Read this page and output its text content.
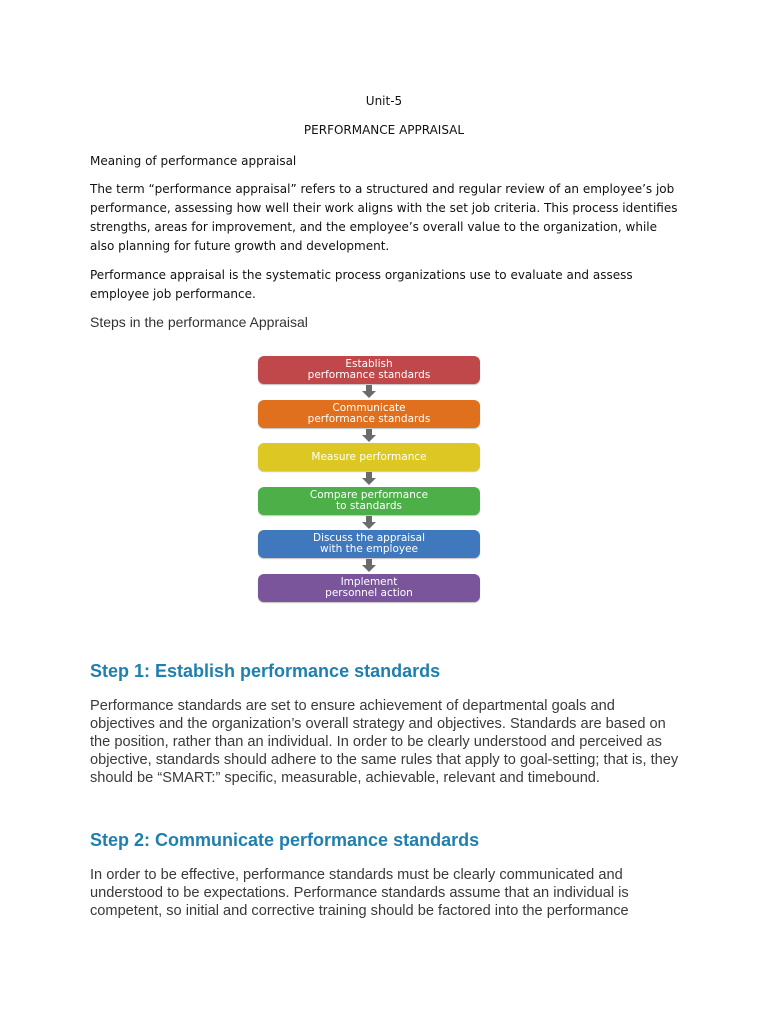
Unit-5
PERFORMANCE APPRAISAL
Meaning of performance appraisal
The term “performance appraisal” refers to a structured and regular review of an employee’s job performance, assessing how well their work aligns with the set job criteria. This process identifies strengths, areas for improvement, and the employee’s overall value to the organization, while also planning for future growth and development.
Performance appraisal is the systematic process organizations use to evaluate and assess employee job performance.
Steps in the performance Appraisal
Establish
performance standards
Communicate
performance standards
Measure performance
Compare performance
to standards
Discuss the appraisal
with the employee
Implement
personnel action
Step 1: Establish performance standards
Performance standards are set to ensure achievement of departmental goals and objectives and the organization’s overall strategy and objectives. Standards are based on the position, rather than an individual. In order to be clearly understood and perceived as objective, standards should adhere to the same rules that apply to goal-setting; that is, they should be “SMART:” specific, measurable, achievable, relevant and timebound.
Step 2: Communicate performance standards
In order to be effective, performance standards must be clearly communicated and understood to be expectations. Performance standards assume that an individual is competent, so initial and corrective training should be factored into the performance
